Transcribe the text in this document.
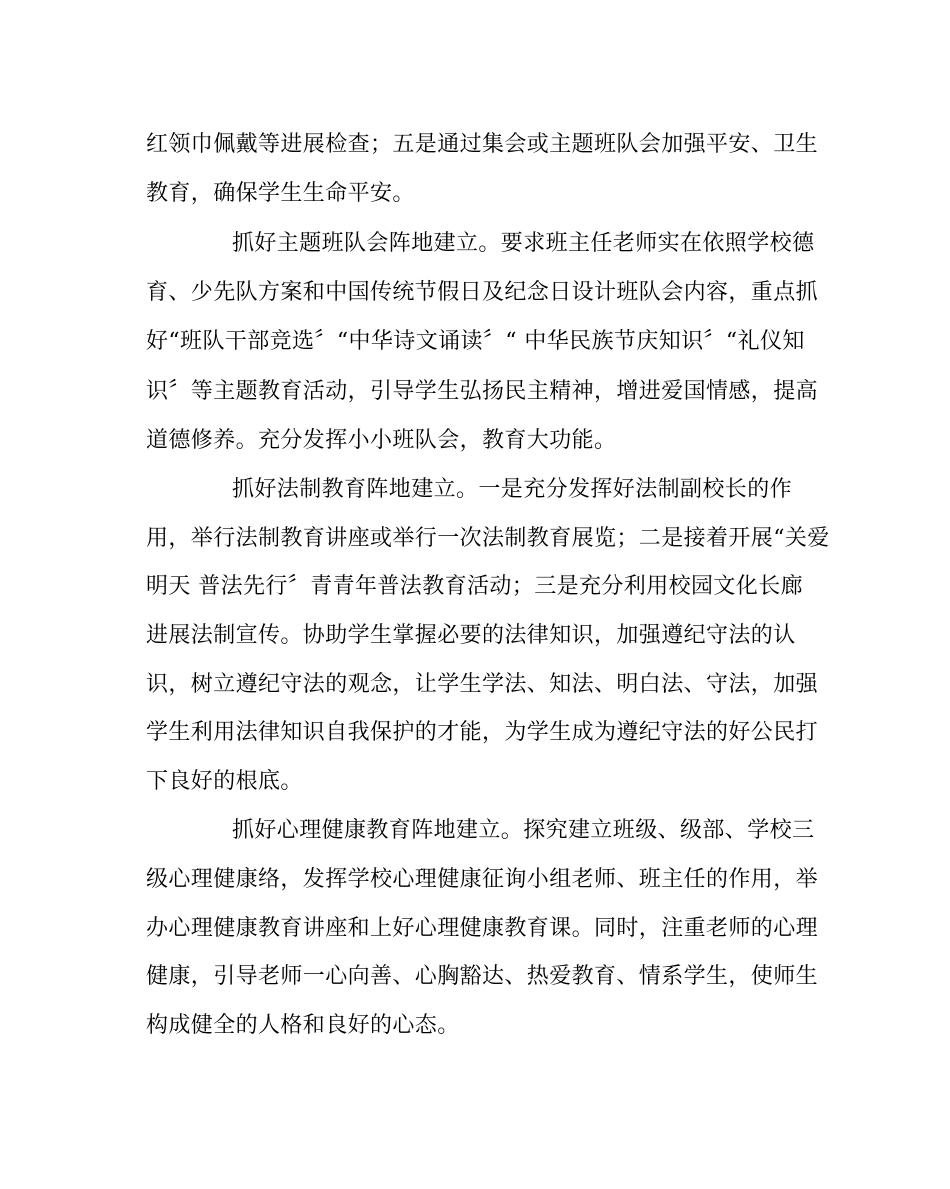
红领巾佩戴等进展检查；五是通过集会或主题班队会加强平安、卫生
教育，确保学生生命平安。
抓好主题班队会阵地建立。要求班主任老师实在依照学校德
育、少先队方案和中国传统节假日及纪念日设计班队会内容，重点抓
好“班队干部竞选〞“中华诗文诵读〞“ 中华民族节庆知识〞“礼仪知
识〞等主题教育活动，引导学生弘扬民主精神，增进爱国情感，提高
道德修养。充分发挥小小班队会，教育大功能。
抓好法制教育阵地建立。一是充分发挥好法制副校长的作
用，举行法制教育讲座或举行一次法制教育展览；二是接着开展“关爱
明天 普法先行〞青青年普法教育活动；三是充分利用校园文化长廊
进展法制宣传。协助学生掌握必要的法律知识，加强遵纪守法的认
识，树立遵纪守法的观念，让学生学法、知法、明白法、守法，加强
学生利用法律知识自我保护的才能，为学生成为遵纪守法的好公民打
下良好的根底。
抓好心理健康教育阵地建立。探究建立班级、级部、学校三
级心理健康络，发挥学校心理健康征询小组老师、班主任的作用，举
办心理健康教育讲座和上好心理健康教育课。同时，注重老师的心理
健康，引导老师一心向善、心胸豁达、热爱教育、情系学生，使师生
构成健全的人格和良好的心态。
